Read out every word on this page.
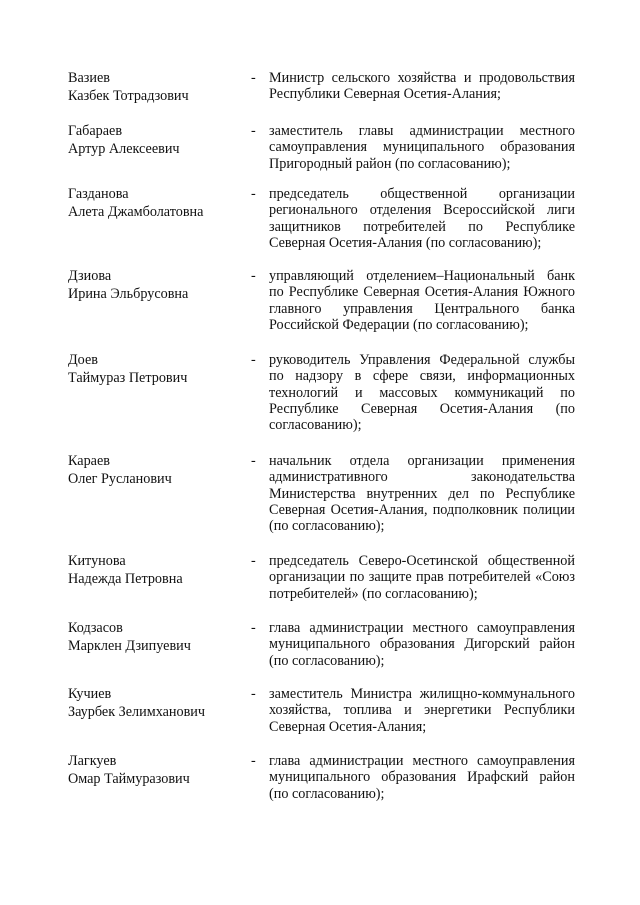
Вазиев
Казбек Тотрадзович
- Министр сельского хозяйства и продовольствия Республики Северная Осетия-Алания;
Габараев
Артур Алексеевич
- заместитель главы администрации местного самоуправления муниципального образования Пригородный район (по согласованию);
Газданова
Алета Джамболатовна
- председатель общественной организации регионального отделения Всероссийской лиги защитников потребителей по Республике Северная Осетия-Алания (по согласованию);
Дзиова
Ирина Эльбрусовна
- управляющий отделением–Национальный банк по Республике Северная Осетия-Алания Южного главного управления Центрального банка Российской Федерации (по согласованию);
Доев
Таймураз Петрович
- руководитель Управления Федеральной службы по надзору в сфере связи, информационных технологий и массовых коммуникаций по Республике Северная Осетия-Алания (по согласованию);
Караев
Олег Русланович
- начальник отдела организации применения административного законодательства Министерства внутренних дел по Республике Северная Осетия-Алания, подполковник полиции (по согласованию);
Китунова
Надежда Петровна
- председатель Северо-Осетинской общественной организации по защите прав потребителей «Союз потребителей» (по согласованию);
Кодзасов
Марклен Дзипуевич
- глава администрации местного самоуправления муниципального образования Дигорский район (по согласованию);
Кучиев
Заурбек Зелимханович
- заместитель Министра жилищно-коммунального хозяйства, топлива и энергетики Республики Северная Осетия-Алания;
Лагкуев
Омар Таймуразович
- глава администрации местного самоуправления муниципального образования Ирафский район (по согласованию);
